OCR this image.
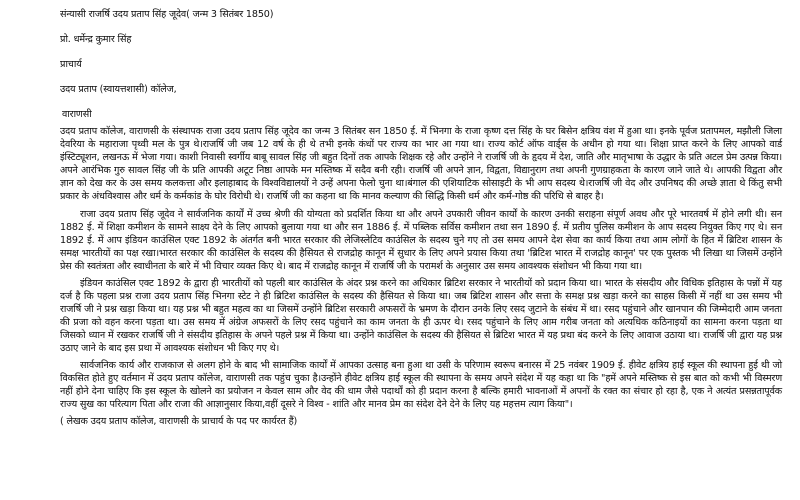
संन्यासी राजर्षि उदय प्रताप सिंह जूदेव( जन्म 3 सितंबर 1850)

प्रो. धर्मेन्द्र कुमार सिंह

प्राचार्य

उदय प्रताप (स्वायत्तशासी) कॉलेज,

वाराणसी

उदय प्रताप कॉलेज, वाराणसी के संस्थापक राजा उदय प्रताप सिंह जूदेव का जन्म 3 सितंबर सन 1850 ई. में भिनगा के राजा कृष्ण दत्त सिंह के घर बिसेन क्षत्रिय वंश में हुआ था। इनके पूर्वज प्रतापमल, मझौली जिला देवरिया के महाराजा पृथ्वी मल के पुत्र थे।राजर्षि जी जब 12 वर्ष के ही थे तभी इनके कंधों पर राज्य का भार आ गया था। राज्य कोर्ट ऑफ वार्ड्स के अधीन हो गया था। शिक्षा प्राप्त करने के लिए आपको वार्ड इंस्टिट्यूशन, लखनऊ में भेजा गया। काशी निवासी स्वर्गीय बाबू सावल सिंह जी बहुत दिनों तक आपके शिक्षक रहे और उन्होंने ने राजर्षि जी के हृदय में देश, जाति और मातृभाषा के उद्धार के प्रति अटल प्रेम उत्पन्न किया। अपने आरंभिक गुरु सावल सिंह जी के प्रति आपकी अटूट निष्ठा आपके मन मस्तिष्क में सदैव बनी रही। राजर्षि जी अपने ज्ञान, विद्वता, विद्यानुराग तथा अपनी गुणग्राहकता के कारण जाने जाते थे। आपकी विद्वता और ज्ञान को देख कर के उस समय कलकत्ता और इलाहाबाद के विश्वविद्यालयों ने उन्हें अपना फेलो चुना था।बंगाल की एशियाटिक सोसाइटी के भी आप सदस्य थे।राजर्षि जी वेद और उपनिषद की अच्छे ज्ञाता थे किंतु सभी प्रकार के अंधविश्वास और धर्म के कर्मकांड के घोर विरोधी थे। राजर्षि जी का कहना था कि मानव कल्याण की सिद्धि किसी धर्म और कर्म-गोष्ठ की परिधि से बाहर है।

राजा उदय प्रताप सिंह जूदेव ने सार्वजनिक कार्यों में उच्च श्रेणी की योग्यता को प्रदर्शित किया था और अपने उपकारी जीवन कार्यों के कारण उनकी सराहना संपूर्ण अवध और पूरे भारतवर्ष में होने लगी थी। सन 1882 ई. में शिक्षा कमीशन के सामने साक्ष्य देने के लिए आपको बुलाया गया था और सन 1886 ई. में पब्लिक सर्विस कमीशन तथा सन 1890 ई. में प्रतीय पुलिस कमीशन के आप सदस्य नियुक्त किए गए थे। सन 1892 ई. में आप इंडियन काउंसिल एक्ट 1892 के अंतर्गत बनी भारत सरकार की लेजिस्लेटिव काउंसिल के सदस्य चुने गए तो उस समय आपने देश सेवा का कार्य किया तथा आम लोगों के हित में ब्रिटिश शासन के समक्ष भारतीयों का पक्ष रखा।भारत सरकार की काउंसिल के सदस्य की हैसियत से राजद्रोह कानून में सुधार के लिए अपने प्रयास किया तथा 'ब्रिटिश भारत में राजद्रोह कानून' पर एक पुस्तक भी लिखा था जिसमें उन्होंने प्रेस की स्वतंत्रता और स्वाधीनता के बारे में भी विचार व्यक्त किए थे। बाद में राजद्रोह कानून में राजर्षि जी के परामर्श के अनुसार उस समय आवश्यक संशोधन भी किया गया था।

इंडियन काउंसिल एक्ट 1892 के द्वारा ही भारतीयों को पहली बार काउंसिल के अंदर प्रश्न करने का अधिकार ब्रिटिश सरकार ने भारतीयों को प्रदान किया था। भारत के संसदीय और विधिक इतिहास के पन्नों में यह दर्ज है कि पहला प्रश्न राजा उदय प्रताप सिंह भिनगा स्टेट ने ही ब्रिटिश काउंसिल के सदस्य की हैसियत से किया था। जब ब्रिटिश शासन और सत्ता के समक्ष प्रश्न खड़ा करने का साहस किसी में नहीं था उस समय भी राजर्षि जी ने प्रश्न खड़ा किया था। यह प्रश्न भी बहुत महत्व का था जिसमें उन्होंने ब्रिटिश सरकारी अफसरों के भ्रमण के दौरान उनके लिए रसद जुटाने के संबंध में था। रसद पहुंचाने और खानपान की जिम्मेदारी आम जनता की प्रजा को वहन करना पड़ता था। उस समय में अंग्रेज अफसरों के लिए रसद पहुंचाने का काम जनता के ही ऊपर थे। रसद पहुंचाने के लिए आम गरीब जनता को अत्यधिक कठिनाइयों का सामना करना पड़ता था जिसको ध्यान में रखकर राजर्षि जी ने संसदीय इतिहास के अपने पहले प्रश्न में किया था। उन्होंने काउंसिल के सदस्य की हैसियत से ब्रिटिश भारत में यह प्रथा बंद करने के लिए आवाज उठाया था। राजर्षि जी द्वारा यह प्रश्न उठाए जाने के बाद इस प्रथा में आवश्यक संशोधन भी किए गए थे।

सार्वजनिक कार्य और राजकाज से अलग होने के बाद भी सामाजिक कार्यों में आपका उत्साह बना हुआ था उसी के परिणाम स्वरूप बनारस में 25 नवंबर 1909 ई. हीवेट क्षत्रिय हाई स्कूल की स्थापना हुई थी जो विकसित होते हुए वर्तमान में उदय प्रताप कॉलेज, वाराणसी तक पहुंच चुका है।उन्होंने हीवेट क्षत्रिय हाई स्कूल की स्थापना के समय अपने संदेश में यह कहा था कि "हमें अपने मस्तिष्क से इस बात को कभी भी विस्मरण नहीं होने देना चाहिए कि इस स्कूल के खोलने का प्रयोजन न केवल साम और वेद की धाम जैसे पदार्थों को ही प्रदान करना है बल्कि हमारी भावनाओं में अपनों के रक्त का संचार हो रहा है, एक ने अत्यंत प्रसन्नतापूर्वक राज्य सुख का परित्याग पिता और राजा की आज्ञानुसार किया,वहीं दूसरे ने विश्व - शांति और मानव प्रेम का संदेश देने देने के लिए यह महत्तम त्याग किया"।

( लेखक उदय प्रताप कॉलेज, वाराणसी के प्राचार्य के पद पर कार्यरत हैं)
